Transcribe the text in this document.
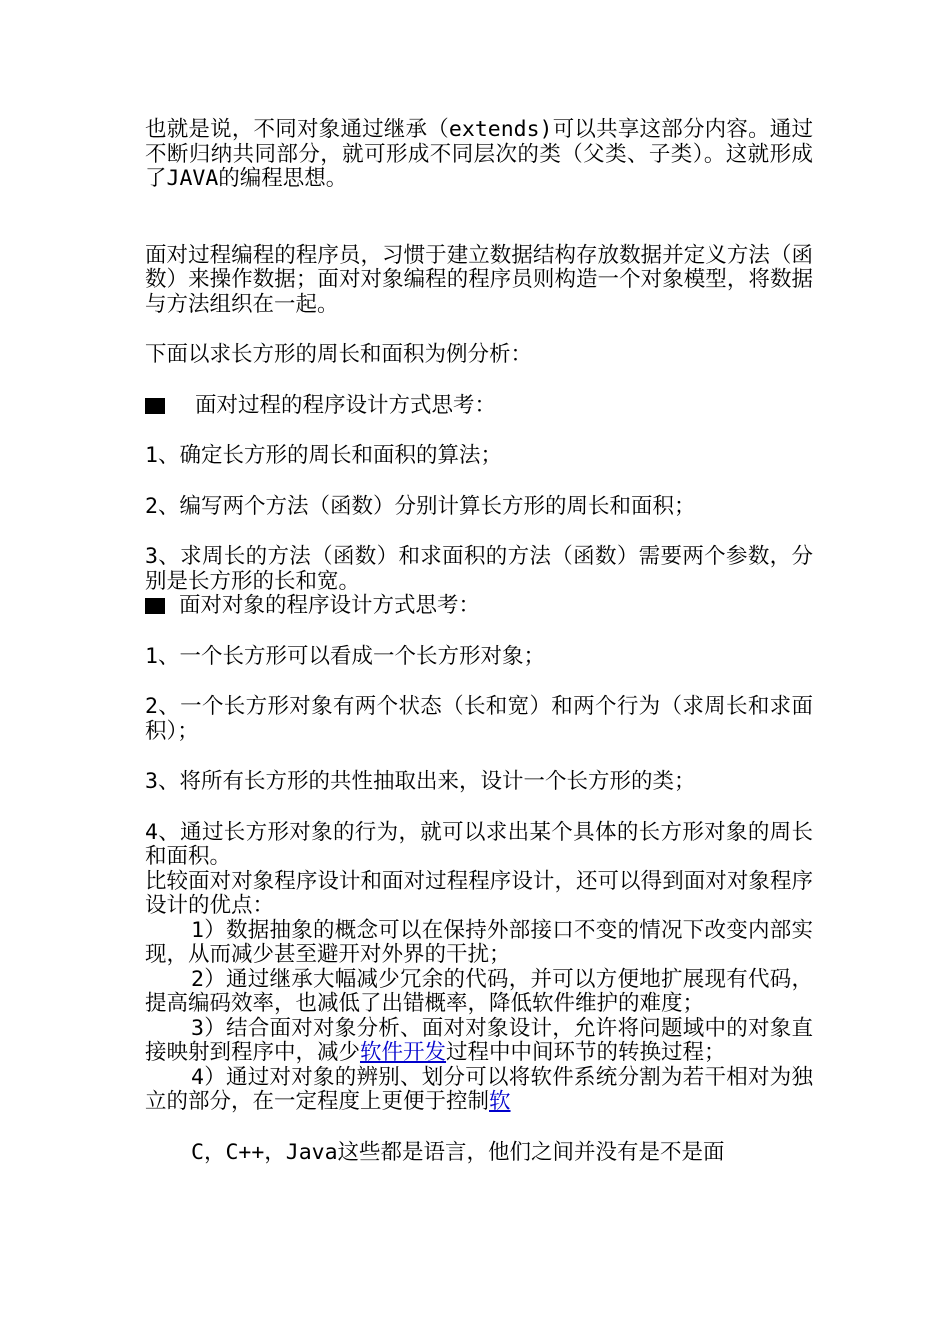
也就是说，不同对象通过继承（extends)可以共享这部分内容。通过不断归纳共同部分，就可形成不同层次的类（父类、子类）。这就形成了JAVA的编程思想。

面对过程编程的程序员，习惯于建立数据结构存放数据并定义方法（函数）来操作数据；面对对象编程的程序员则构造一个对象模型，将数据与方法组织在一起。

下面以求长方形的周长和面积为例分析：

面对过程的程序设计方式思考：

1、确定长方形的周长和面积的算法；

2、编写两个方法（函数）分别计算长方形的周长和面积；

3、求周长的方法（函数）和求面积的方法（函数）需要两个参数，分别是长方形的长和宽。

面对对象的程序设计方式思考：

1、一个长方形可以看成一个长方形对象；

2、一个长方形对象有两个状态（长和宽）和两个行为（求周长和求面积）；

3、将所有长方形的共性抽取出来，设计一个长方形的类；

4、通过长方形对象的行为，就可以求出某个具体的长方形对象的周长和面积。

比较面对对象程序设计和面对过程程序设计，还可以得到面对对象程序设计的优点：

1）数据抽象的概念可以在保持外部接口不变的情况下改变内部实现，从而减少甚至避开对外界的干扰；

2）通过继承大幅减少冗余的代码，并可以方便地扩展现有代码，提高编码效率，也减低了出错概率，降低软件维护的难度；

3）结合面对对象分析、面对对象设计，允许将问题域中的对象直接映射到程序中，减少软件开发过程中中间环节的转换过程；

4）通过对对象的辨别、划分可以将软件系统分割为若干相对为独立的部分，在一定程度上更便于控制软

C，C++，Java这些都是语言，他们之间并没有是不是面
